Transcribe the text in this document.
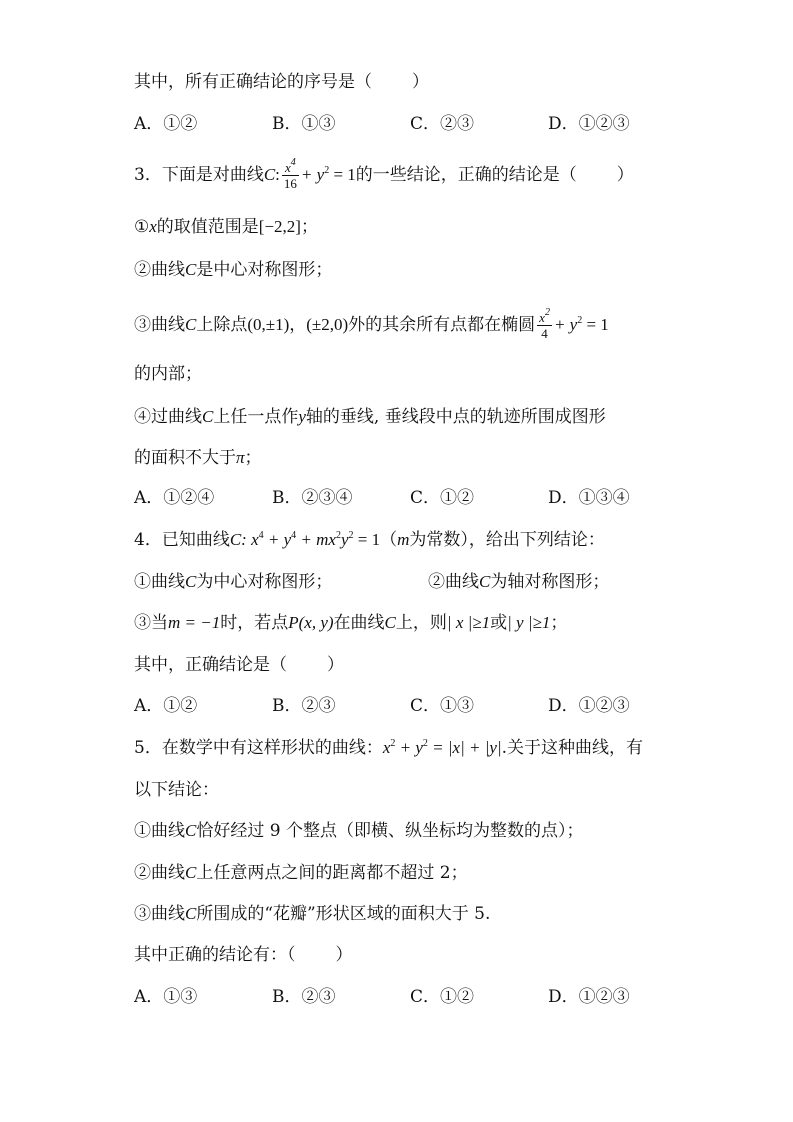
其中，所有正确结论的序号是（ ）
A．①②	B．①③	C．②③	D．①②③
3．下面是对曲线C: $\frac{x^4}{16} + y^2 = 1$的一些结论，正确的结论是（ ）
①x的取值范围是[−2,2]；
②曲线C是中心对称图形；
③曲线C上除点(0,±1)，(±2,0)外的其余所有点都在椭圆 $\frac{x^2}{4} + y^2 = 1$
的内部；
④过曲线C上任一点作y轴的垂线, 垂线段中点的轨迹所围成图形
的面积不大于π；
A．①②④	B．②③④	C．①②	D．①③④
4．已知曲线C: $x^4 + y^4 + mx^2y^2 = 1(m$为常数），给出下列结论：
①曲线C为中心对称图形；	②曲线C为轴对称图形；
③当m = −1时，若点P(x, y)在曲线C上，则| x |≥1或| y |≥1；
其中，正确结论是（ ）
A．①②	B．②③	C．①③	D．①②③
5．在数学中有这样形状的曲线：$x^2 + y^2 = |x| + |y|$.关于这种曲线，有
以下结论：
①曲线C恰好经过 9 个整点（即横、纵坐标均为整数的点）；
②曲线C上任意两点之间的距离都不超过 2；
③曲线C所围成的“花瓣”形状区域的面积大于 5.
其中正确的结论有：（ ）
A．①③	B．②③	C．①②	D．①②③
